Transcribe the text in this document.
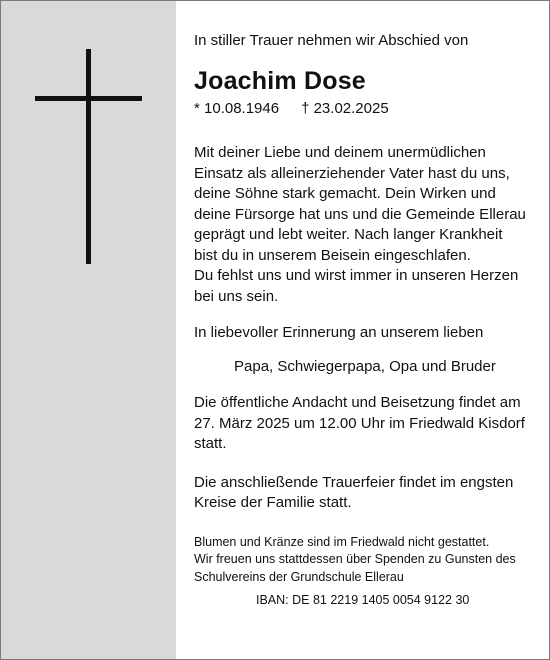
In stiller Trauer nehmen wir Abschied von

Joachim Dose

* 10.08.1946 † 23.02.2025

Mit deiner Liebe und deinem unermüdlichen
Einsatz als alleinerziehender Vater hast du uns,
deine Söhne stark gemacht. Dein Wirken und
deine Fürsorge hat uns und die Gemeinde Ellerau
geprägt und lebt weiter. Nach langer Krankheit
bist du in unserem Beisein eingeschlafen.
Du fehlst uns und wirst immer in unseren Herzen
bei uns sein.

In liebevoller Erinnerung an unserem lieben

Papa, Schwiegerpapa, Opa und Bruder

Die öffentliche Andacht und Beisetzung findet am
27. März 2025 um 12.00 Uhr im Friedwald Kisdorf
statt.
Die anschließende Trauerfeier findet im engsten
Kreise der Familie statt.
Blumen und Kränze sind im Friedwald nicht gestattet.
Wir freuen uns stattdessen über Spenden zu Gunsten des
Schulvereins der Grundschule Ellerau

IBAN: DE 81 2219 1405 0054 9122 30
